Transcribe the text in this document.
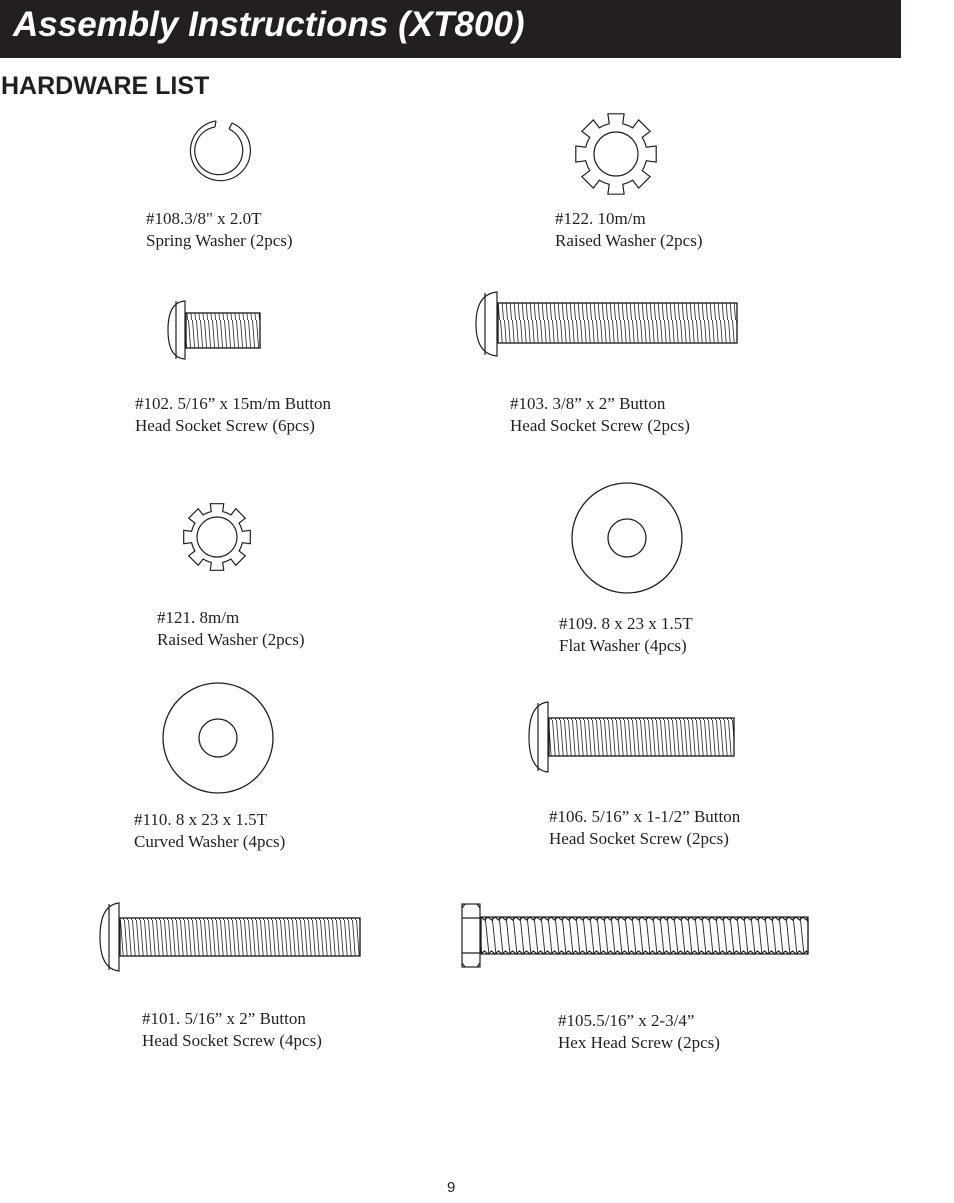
Assembly Instructions (XT800)
HARDWARE LIST
#108.3/8" x 2.0T
Spring Washer (2pcs)
#122. 10m/m
Raised Washer (2pcs)
#102. 5/16” x 15m/m Button
Head Socket Screw (6pcs)
#103. 3/8” x 2” Button
Head Socket Screw (2pcs)
#121. 8m/m
Raised Washer (2pcs)
#109. 8 x 23 x 1.5T
Flat Washer (4pcs)
#110. 8 x 23 x 1.5T
Curved Washer (4pcs)
#106. 5/16” x 1-1/2” Button
Head Socket Screw (2pcs)
#101. 5/16” x 2” Button
Head Socket Screw (4pcs)
#105.5/16” x 2-3/4”
Hex Head Screw (2pcs)
9
